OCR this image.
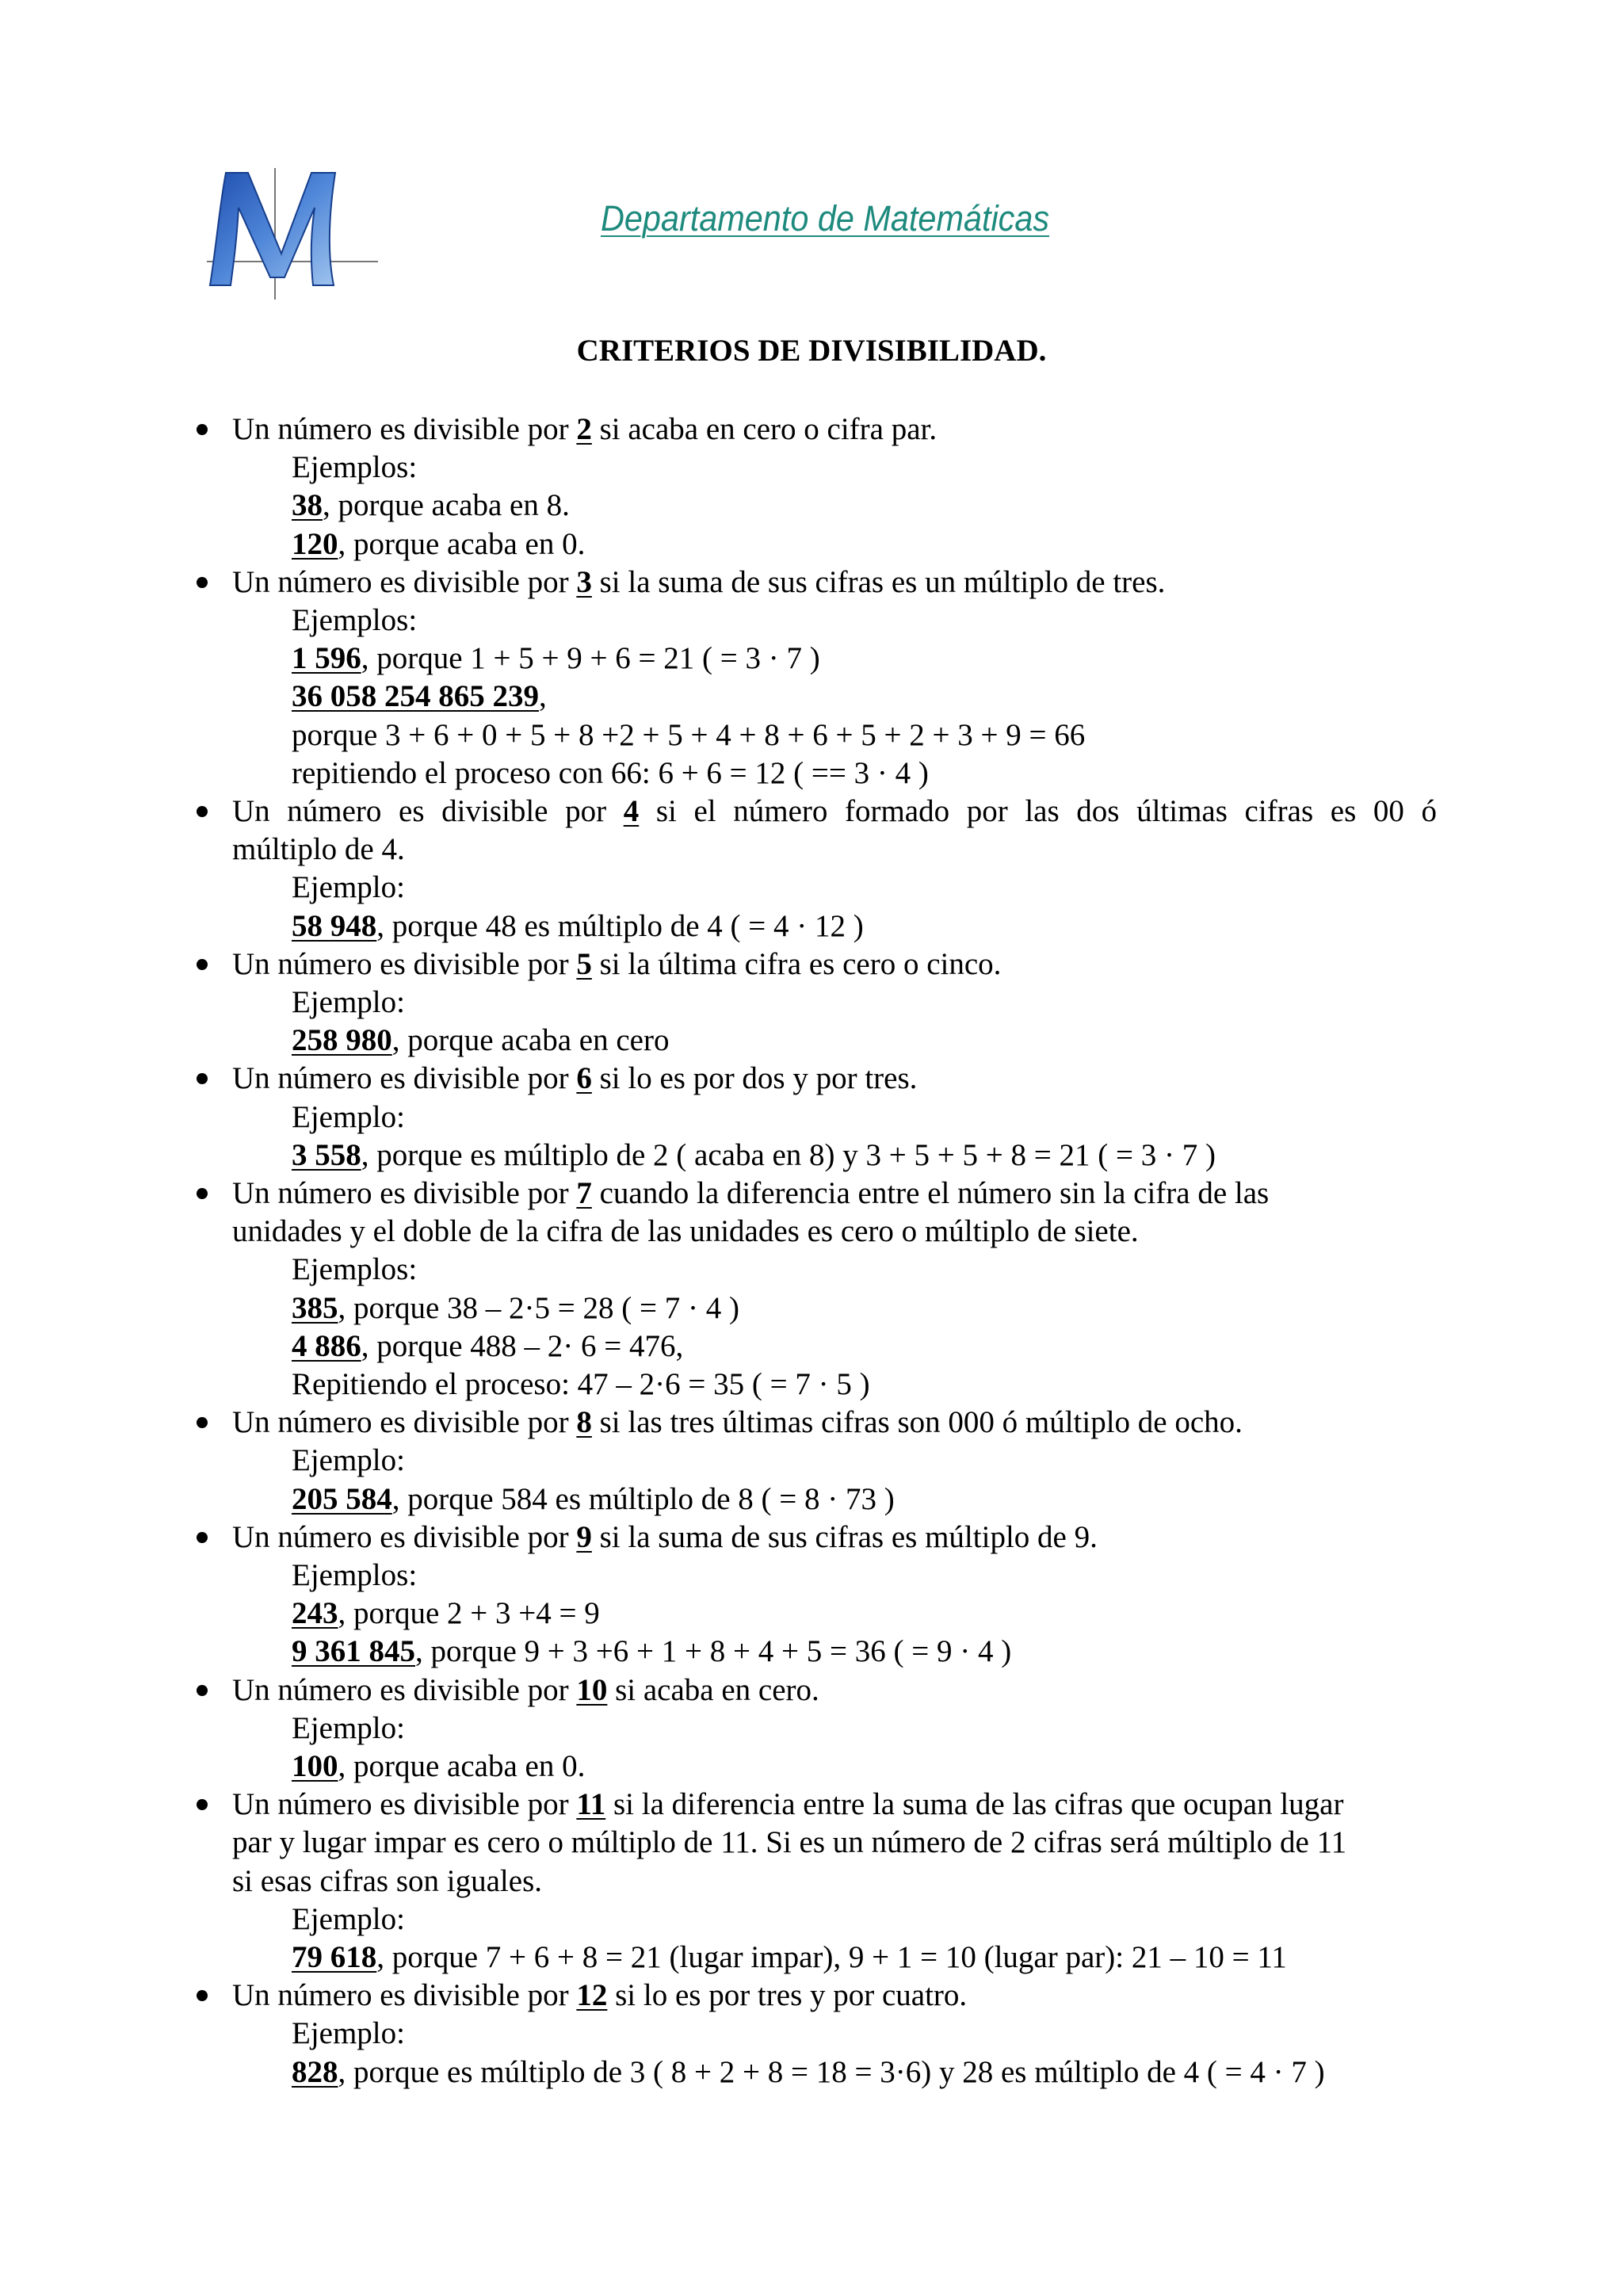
Departamento de Matemáticas
CRITERIOS DE DIVISIBILIDAD.
Un número es divisible por 2 si acaba en cero o cifra par.
Ejemplos:
38, porque acaba en 8.
120, porque acaba en 0.
Un número es divisible por 3 si la suma de sus cifras es un múltiplo de tres.
Ejemplos:
1 596, porque 1 + 5 + 9 + 6 = 21 ( = 3 · 7 )
36 058 254 865 239,
porque 3 + 6 + 0 + 5 + 8 +2 + 5 + 4 + 8 + 6 + 5 + 2 + 3 + 9 = 66
repitiendo el proceso con 66: 6 + 6 = 12 ( == 3 · 4 )
Un número es divisible por 4 si el número formado por las dos últimas cifras es 00 ó
múltiplo de 4.
Ejemplo:
58 948, porque 48 es múltiplo de 4 ( = 4 · 12 )
Un número es divisible por 5 si la última cifra es cero o cinco.
Ejemplo:
258 980, porque acaba en cero
Un número es divisible por 6 si lo es por dos y por tres.
Ejemplo:
3 558, porque es múltiplo de 2 ( acaba en 8) y 3 + 5 + 5 + 8 = 21 ( = 3 · 7 )
Un número es divisible por 7 cuando la diferencia entre el número sin la cifra de las
unidades y el doble de la cifra de las unidades es cero o múltiplo de siete.
Ejemplos:
385, porque 38 – 2·5 = 28 ( = 7 · 4 )
4 886, porque 488 – 2· 6 = 476,
Repitiendo el proceso: 47 – 2·6 = 35 ( = 7 · 5 )
Un número es divisible por 8 si las tres últimas cifras son 000 ó múltiplo de ocho.
Ejemplo:
205 584, porque 584 es múltiplo de 8 ( = 8 · 73 )
Un número es divisible por 9 si la suma de sus cifras es múltiplo de 9.
Ejemplos:
243, porque 2 + 3 +4 = 9
9 361 845, porque 9 + 3 +6 + 1 + 8 + 4 + 5 = 36 ( = 9 · 4 )
Un número es divisible por 10 si acaba en cero.
Ejemplo:
100, porque acaba en 0.
Un número es divisible por 11 si la diferencia entre la suma de las cifras que ocupan lugar
par y lugar impar es cero o múltiplo de 11. Si es un número de 2 cifras será múltiplo de 11
si esas cifras son iguales.
Ejemplo:
79 618, porque 7 + 6 + 8 = 21 (lugar impar), 9 + 1 = 10 (lugar par): 21 – 10 = 11
Un número es divisible por 12 si lo es por tres y por cuatro.
Ejemplo:
828, porque es múltiplo de 3 ( 8 + 2 + 8 = 18 = 3·6) y 28 es múltiplo de 4 ( = 4 · 7 )
